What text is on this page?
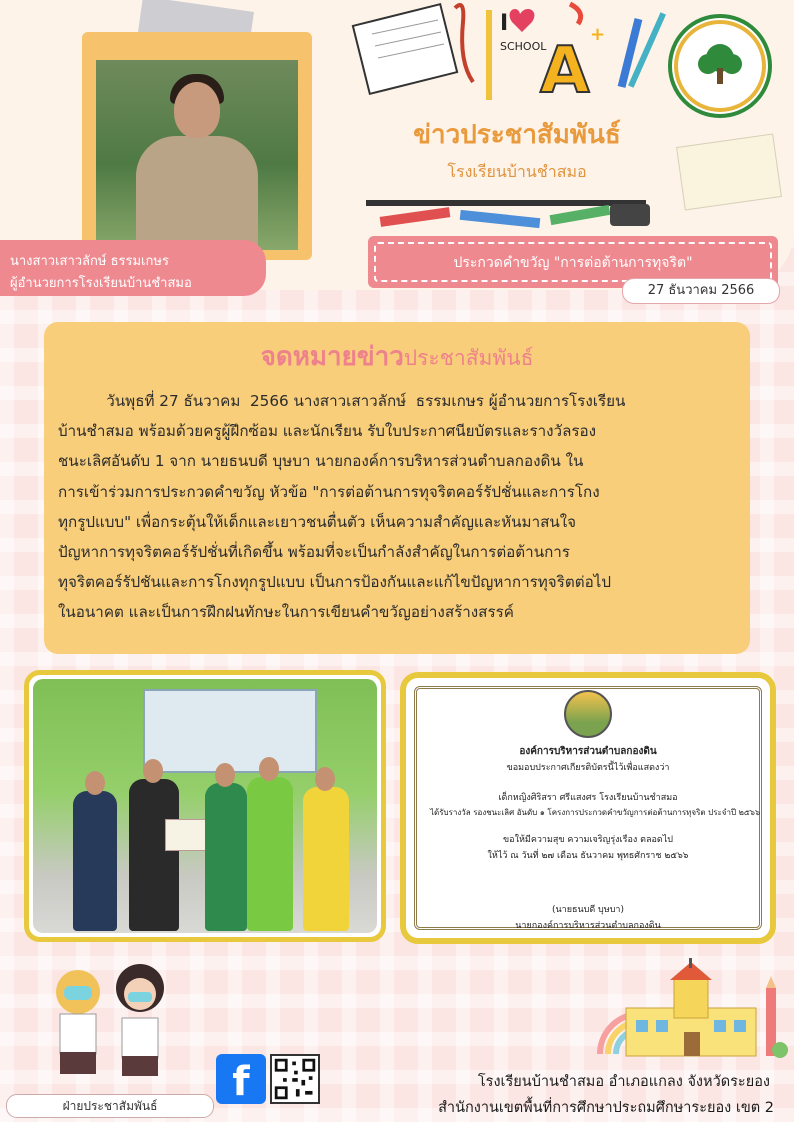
นางสาวเสาวลักษ์ ธรรมเกษร
ผู้อำนวยการโรงเรียนบ้านชำสมอ
I
SCHOOL
A +
ข่าวประชาสัมพันธ์
โรงเรียนบ้านชำสมอ
ประกวดคำขวัญ "การต่อต้านการทุจริต"
27 ธันวาคม 2566
จดหมายข่าวประชาสัมพันธ์
วันพุธที่ 27 ธันวาคม  2566 นางสาวเสาวลักษ์  ธรรมเกษร ผู้อำนวยการโรงเรียน
บ้านชำสมอ พร้อมด้วยครูผู้ฝึกซ้อม และนักเรียน รับใบประกาศนียบัตรและรางวัลรอง
ชนะเลิศอันดับ 1 จาก นายธนบดี บุษบา นายกองค์การบริหารส่วนตำบลกองดิน ใน
การเข้าร่วมการประกวดคำขวัญ หัวข้อ "การต่อต้านการทุจริตคอร์รัปชั่นและการโกง
ทุกรูปแบบ" เพื่อกระตุ้นให้เด็กและเยาวชนตื่นตัว เห็นความสำคัญและหันมาสนใจ
ปัญหาการทุจริตคอร์รัปชั่นที่เกิดขึ้น พร้อมที่จะเป็นกำลังสำคัญในการต่อต้านการ
ทุจริตคอร์รัปชันและการโกงทุกรูปแบบ เป็นการป้องกันและแก้ไขปัญหาการทุจริตต่อไป
ในอนาคต และเป็นการฝึกฝนทักษะในการเขียนคำขวัญอย่างสร้างสรรค์
องค์การบริหารส่วนตำบลกองดิน
ขอมอบประกาศเกียรติบัตรนี้ไว้เพื่อแสดงว่า
เด็กหญิงศิริสรา ศรีแสงศร โรงเรียนบ้านชำสมอ
ได้รับรางวัล รองชนะเลิศ อันดับ ๑ โครงการประกวดคำขวัญการต่อต้านการทุจริต ประจำปี ๒๕๖๖
ขอให้มีความสุข ความเจริญรุ่งเรือง ตลอดไป
ให้ไว้ ณ วันที่ ๒๗ เดือน ธันวาคม พุทธศักราช ๒๕๖๖
(นายธนบดี บุษบา)
นายกองค์การบริหารส่วนตำบลกองดิน
ฝ่ายประชาสัมพันธ์
f	โรงเรียนบ้านชำสมอ อำเภอแกลง จังหวัดระยอง
สำนักงานเขตพื้นที่การศึกษาประถมศึกษาระยอง เขต 2
